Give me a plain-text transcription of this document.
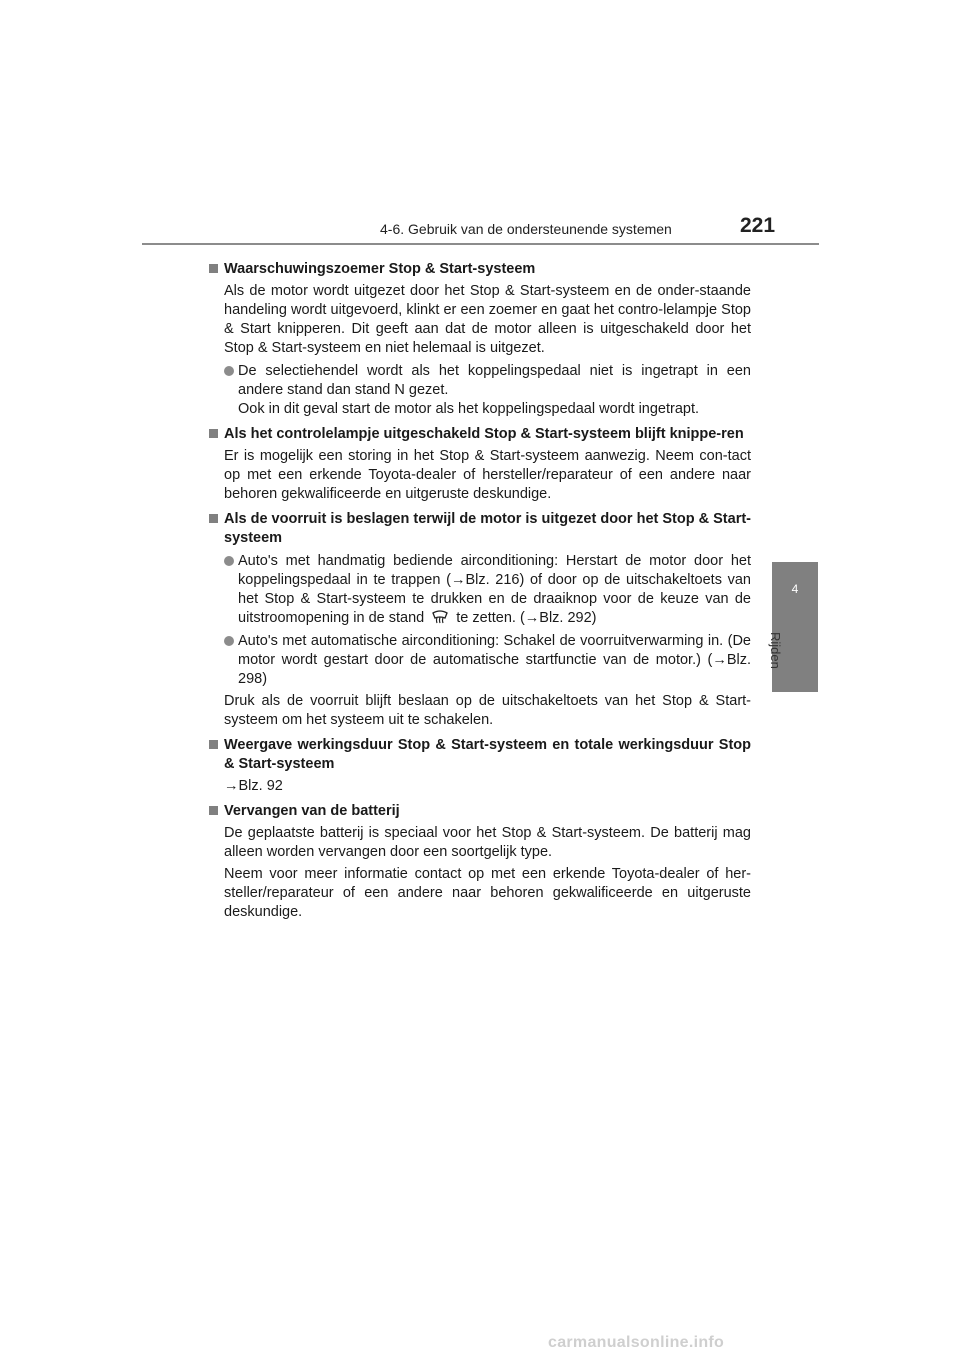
4-6. Gebruik van de ondersteunende systemen	221
4
Rijden
Waarschuwingszoemer Stop & Start-systeem
Als de motor wordt uitgezet door het Stop & Start-systeem en de onder-staande handeling wordt uitgevoerd, klinkt er een zoemer en gaat het contro-lelampje Stop & Start knipperen. Dit geeft aan dat de motor alleen is uitgeschakeld door het Stop & Start-systeem en niet helemaal is uitgezet.
De selectiehendel wordt als het koppelingspedaal niet is ingetrapt in een andere stand dan stand N gezet.
Ook in dit geval start de motor als het koppelingspedaal wordt ingetrapt.
Als het controlelampje uitgeschakeld Stop & Start-systeem blijft knippe-ren
Er is mogelijk een storing in het Stop & Start-systeem aanwezig. Neem con-tact op met een erkende Toyota-dealer of hersteller/reparateur of een andere naar behoren gekwalificeerde en uitgeruste deskundige.
Als de voorruit is beslagen terwijl de motor is uitgezet door het Stop & Start-systeem
Auto's met handmatig bediende airconditioning: Herstart de motor door het koppelingspedaal in te trappen (→Blz. 216) of door op de uitschakeltoets van het Stop & Start-systeem te drukken en de draaiknop voor de keuze van de uitstroomopening in de stand te zetten. (→Blz. 292)
Auto's met automatische airconditioning: Schakel de voorruitverwarming in. (De motor wordt gestart door de automatische startfunctie van de motor.) (→Blz. 298)
Druk als de voorruit blijft beslaan op de uitschakeltoets van het Stop & Start-systeem om het systeem uit te schakelen.
Weergave werkingsduur Stop & Start-systeem en totale werkingsduur Stop & Start-systeem
→Blz. 92
Vervangen van de batterij
De geplaatste batterij is speciaal voor het Stop & Start-systeem. De batterij mag alleen worden vervangen door een soortgelijk type.
Neem voor meer informatie contact op met een erkende Toyota-dealer of her-steller/reparateur of een andere naar behoren gekwalificeerde en uitgeruste deskundige.
carmanualsonline.info
